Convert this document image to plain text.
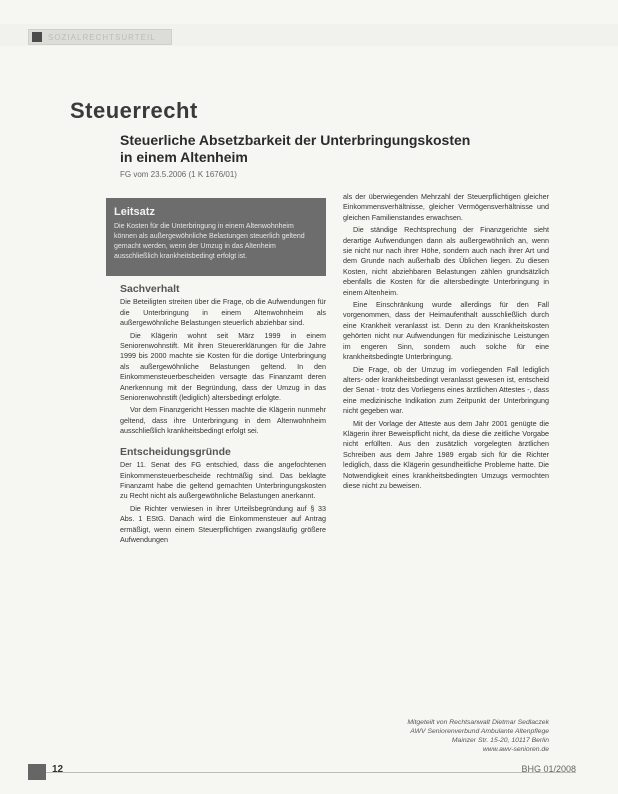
SOZIALRECHTSURTEIL
Steuerrecht
Steuerliche Absetzbarkeit der Unterbringungskosten in einem Altenheim
FG vom 23.5.2006 (1 K 1676/01)
Leitsatz

Die Kosten für die Unterbringung in einem Altenwohnheim können als außergewöhnliche Belastungen steuerlich geltend gemacht werden, wenn der Umzug in das Altenheim ausschließlich krankheitsbedingt erfolgt ist.

Sachverhalt

Die Beteiligten streiten über die Frage, ob die Aufwendungen für die Unterbringung in einem Altenwohnheim als außergewöhnliche Belastungen steuerlich abziehbar sind.

Die Klägerin wohnt seit März 1999 in einem Seniorenwohnstift. Mit ihren Steuererklärungen für die Jahre 1999 bis 2000 machte sie Kosten für die dortige Unterbringung als außergewöhnliche Belastungen geltend. In den Einkommensteuerbescheiden versagte das Finanzamt deren Anerkennung mit der Begründung, dass der Umzug in das Seniorenwohnstift (lediglich) altersbedingt erfolgte.

Vor dem Finanzgericht Hessen machte die Klägerin nunmehr geltend, dass ihre Unterbringung in dem Altenwohnheim ausschließlich krankheitsbedingt erfolgt sei.

Entscheidungsgründe

Der 11. Senat des FG entschied, dass die angefochtenen Einkommensteuerbescheide rechtmäßig sind. Das beklagte Finanzamt habe die geltend gemachten Unterbringungskosten zu Recht nicht als außergewöhnliche Belastungen anerkannt.

Die Richter verwiesen in ihrer Urteilsbegründung auf § 33 Abs. 1 EStG. Danach wird die Einkommensteuer auf Antrag ermäßigt, wenn einem Steuerpflichtigen zwangsläufig größere Aufwendungen

als der überwiegenden Mehrzahl der Steuerpflichtigen gleicher Einkommensverhältnisse, gleicher Vermögensverhältnisse und gleichen Familienstandes erwachsen.

Die ständige Rechtsprechung der Finanzgerichte sieht derartige Aufwendungen dann als außergewöhnlich an, wenn sie nicht nur nach ihrer Höhe, sondern auch nach ihrer Art und dem Grunde nach außerhalb des Üblichen liegen. Zu diesen Kosten, nicht abziehbaren Belastungen zählen grundsätzlich ebenfalls die Kosten für die altersbedingte Unterbringung in einem Altenheim.

Eine Einschränkung wurde allerdings für den Fall vorgenommen, dass der Heimaufenthalt ausschließlich durch eine Krankheit veranlasst ist. Denn zu den Krankheitskosten gehörten nicht nur Aufwendungen für medizinische Leistungen im engeren Sinn, sondern auch solche für eine krankheitsbedingte Unterbringung.

Die Frage, ob der Umzug im vorliegenden Fall lediglich alters- oder krankheitsbedingt veranlasst gewesen ist, entscheid der Senat - trotz des Vorliegens eines ärztlichen Attestes -, dass eine medizinische Indikation zum Zeitpunkt der Unterbringung nicht gegeben war.

Mit der Vorlage der Atteste aus dem Jahr 2001 genügte die Klägerin ihrer Beweispflicht nicht, da diese die zeitliche Vorgabe nicht erfüllten. Aus den zusätzlich vorgelegten ärztlichen Schreiben aus dem Jahre 1989 ergab sich für die Richter lediglich, dass die Klägerin gesundheitliche Probleme hatte. Die Notwendigkeit eines krankheitsbedingten Umzugs vermochten diese nicht zu beweisen.

Mitgeteilt von Rechtsanwalt Dietmar Sedlaczek
AWV Seniorenverbund Ambulante Altenpflege
Mainzer Str. 15-20, 10117 Berlin
www.awv-senioren.de
12	BHG 01/2008
